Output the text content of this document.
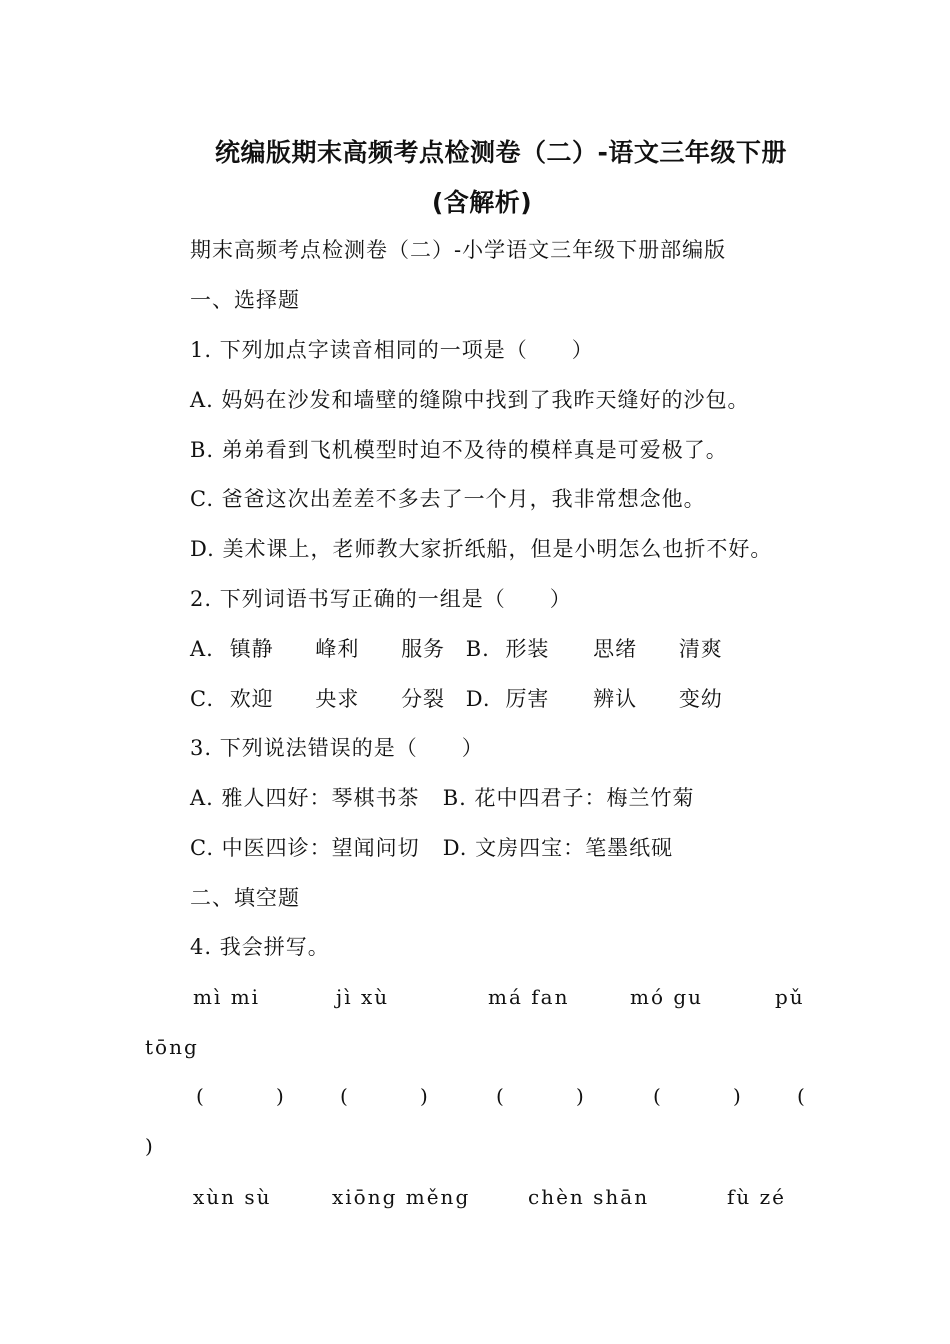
统编版期末高频考点检测卷（二）-语文三年级下册
(含解析)
期末高频考点检测卷（二）-小学语文三年级下册部编版
一、选择题
1. 下列加点字读音相同的一项是（　　）
A. 妈妈在沙发和墙壁的缝隙中找到了我昨天缝好的沙包。
B. 弟弟看到飞机模型时迫不及待的模样真是可爱极了。
C. 爸爸这次出差差不多去了一个月，我非常想念他。
D. 美术课上，老师教大家折纸船，但是小明怎么也折不好。
2. 下列词语书写正确的一组是（　　）
A. 镇静 峰利 服务 B. 形装 思绪 清爽
C. 欢迎 央求 分裂 D. 厉害 辨认 变幼
3. 下列说法错误的是（　　）
A. 雅人四好：琴棋书茶 B. 花中四君子：梅兰竹菊
C. 中医四诊：望闻问切 D. 文房四宝：笔墨纸砚
二、填空题
4. 我会拼写。
mì mi	jì xù	má fan	mó gu	pǔ
tōng
(	)	(	)	(	)	(	)	(
)
xùn sù	xiōng měng	chèn shān	fù zé
